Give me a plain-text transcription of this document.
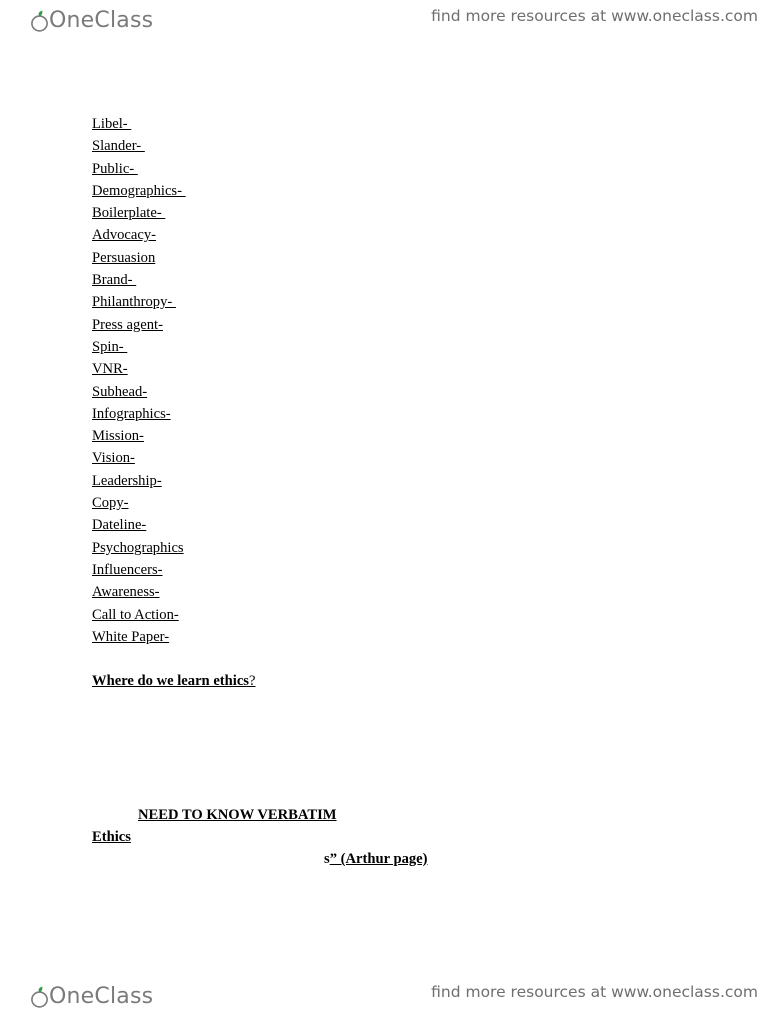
OneClass	find more resources at www.oneclass.com
Libel-
Slander-
Public-
Demographics-
Boilerplate-
Advocacy-
Persuasion
Brand-
Philanthropy-
Press agent-
Spin-
VNR-
Subhead-
Infographics-
Mission-
Vision-
Leadership-
Copy-
Dateline-
Psychographics
Influencers-
Awareness-
Call to Action-
White Paper-
Where do we learn ethics?
NEED TO KNOW VERBATIM
Ethics
s” (Arthur page)
OneClass	find more resources at www.oneclass.com
